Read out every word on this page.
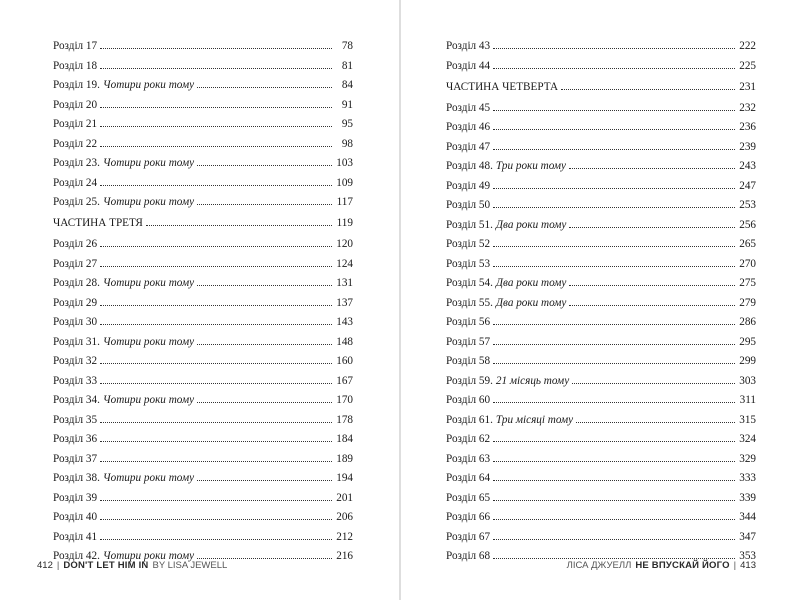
Розділ 17	78
Розділ 18	81
Розділ 19. Чотири роки тому	84
Розділ 20	91
Розділ 21	95
Розділ 22	98
Розділ 23. Чотири роки тому	103
Розділ 24	109
Розділ 25. Чотири роки тому	117
ЧАСТИНА ТРЕТЯ	119
Розділ 26	120
Розділ 27	124
Розділ 28. Чотири роки тому	131
Розділ 29	137
Розділ 30	143
Розділ 31. Чотири роки тому	148
Розділ 32	160
Розділ 33	167
Розділ 34. Чотири роки тому	170
Розділ 35	178
Розділ 36	184
Розділ 37	189
Розділ 38. Чотири роки тому	194
Розділ 39	201
Розділ 40	206
Розділ 41	212
Розділ 42. Чотири роки тому	216
412 | DON'T LET HIM IN BY LISA JEWELL
Розділ 43	222
Розділ 44	225
ЧАСТИНА ЧЕТВЕРТА	231
Розділ 45	232
Розділ 46	236
Розділ 47	239
Розділ 48. Три роки тому	243
Розділ 49	247
Розділ 50	253
Розділ 51. Два роки тому	256
Розділ 52	265
Розділ 53	270
Розділ 54. Два роки тому	275
Розділ 55. Два роки тому	279
Розділ 56	286
Розділ 57	295
Розділ 58	299
Розділ 59. 21 місяць тому	303
Розділ 60	311
Розділ 61. Три місяці тому	315
Розділ 62	324
Розділ 63	329
Розділ 64	333
Розділ 65	339
Розділ 66	344
Розділ 67	347
Розділ 68	353
ЛІСА ДЖУЕЛЛ НЕ ВПУСКАЙ ЙОГО | 413
